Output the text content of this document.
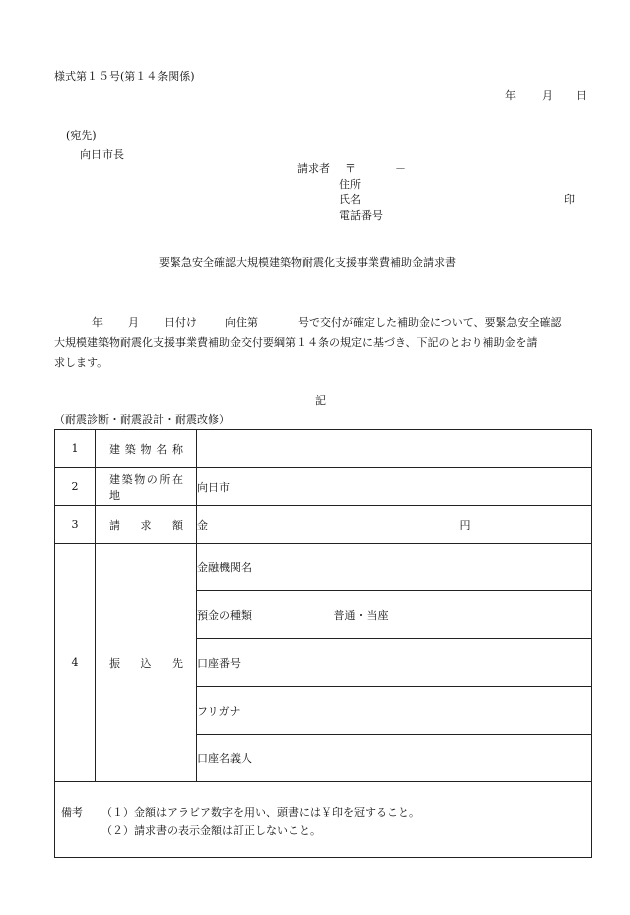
様式第１５号(第１４条関係)
年 月 日
(宛先)
向日市長
請求者 〒	－
住所
氏名	印
電話番号
要緊急安全確認大規模建築物耐震化支援事業費補助金請求書
年 月 日付け	向住第	号で交付が確定した補助金について、要緊急安全確認
大規模建築物耐震化支援事業費補助金交付要綱第１４条の規定に基づき、下記のとおり補助金を請
求します。
記
（耐震診断・耐震設計・耐震改修）
1	建築物名称	
2	建築物の所在地	向日市
3	請求額	金 円
4	振込先	金融機関名
		預金の種類 普通・当座
		口座番号
		フリガナ
		口座名義人

備考 （１）金額はアラビア数字を用い、頭書には￥印を冠すること。
（２）請求書の表示金額は訂正しないこと。		
